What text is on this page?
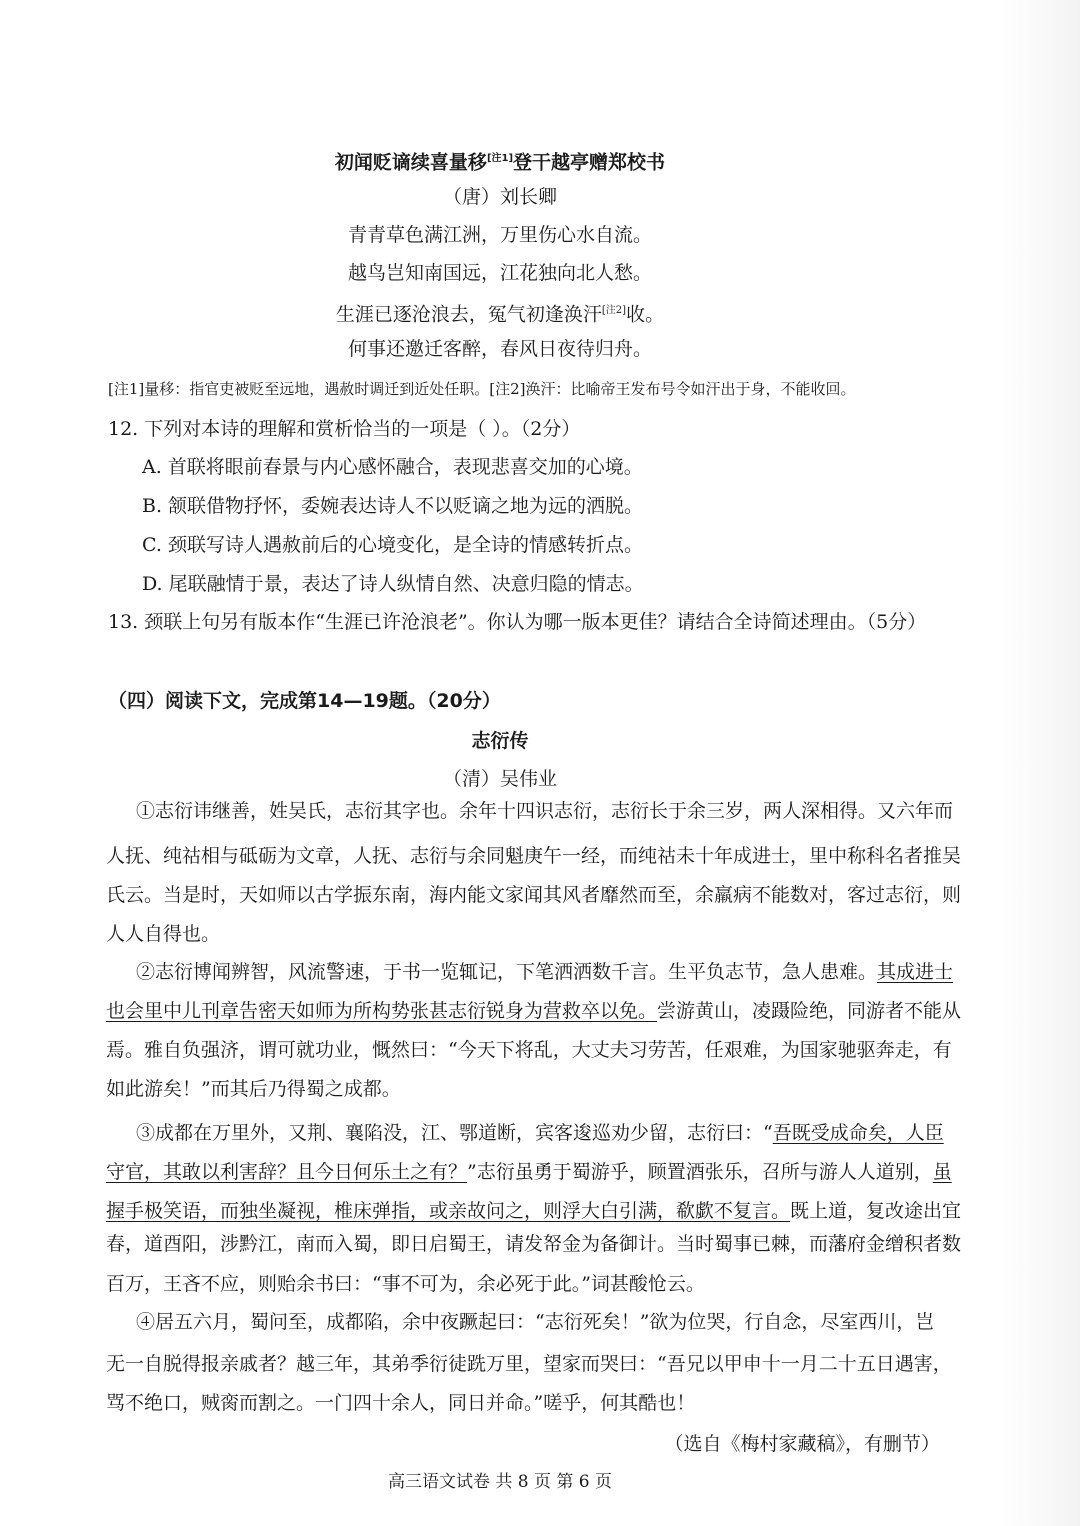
初闻贬谪续喜量移[注1]登干越亭赠郑校书
（唐）刘长卿
青青草色满江洲，万里伤心水自流。
越鸟岂知南国远，江花独向北人愁。
生涯已逐沧浪去，冤气初逢涣汗[注2]收。
何事还邀迁客醉，春风日夜待归舟。
[注1]量移：指官吏被贬至远地，遇赦时调迁到近处任职。[注2]涣汗：比喻帝王发布号令如汗出于身，不能收回。
12. 下列对本诗的理解和赏析恰当的一项是（ ）。（2分）
A. 首联将眼前春景与内心感怀融合，表现悲喜交加的心境。
B. 颔联借物抒怀，委婉表达诗人不以贬谪之地为远的洒脱。
C. 颈联写诗人遇赦前后的心境变化，是全诗的情感转折点。
D. 尾联融情于景，表达了诗人纵情自然、决意归隐的情志。
13. 颈联上句另有版本作“生涯已许沧浪老”。你认为哪一版本更佳？请结合全诗简述理由。（5分）
（四）阅读下文，完成第14—19题。（20分）
志衍传
（清）吴伟业
①志衍讳继善，姓吴氏，志衍其字也。余年十四识志衍，志衍长于余三岁，两人深相得。又六年而
人抚、纯祜相与砥砺为文章，人抚、志衍与余同魁庚午一经，而纯祜未十年成进士，里中称科名者推吴
氏云。当是时，天如师以古学振东南，海内能文家闻其风者靡然而至，余羸病不能数对，客过志衍，则
人人自得也。
②志衍博闻辨智，风流警速，于书一览辄记，下笔洒洒数千言。生平负志节，急人患难。其成进士
也会里中儿刊章告密天如师为所构势张甚志衍锐身为营救卒以免。尝游黄山，凌蹑险绝，同游者不能从
焉。雅自负强济，谓可就功业，慨然曰：“今天下将乱，大丈夫习劳苦，任艰难，为国家驰驱奔走，有
如此游矣！”而其后乃得蜀之成都。
③成都在万里外，又荆、襄陷没，江、鄂道断，宾客逡巡劝少留，志衍曰：“吾既受成命矣，人臣
守官，其敢以利害辞？且今日何乐土之有？”志衍虽勇于蜀游乎，顾置酒张乐，召所与游人人道别，虽
握手极笑语，而独坐凝视，椎床弹指，或亲故问之，则浮大白引满，欷歔不复言。既上道，复改途出宜
春，道酉阳，涉黔江，南而入蜀，即日启蜀王，请发帑金为备御计。当时蜀事已棘，而藩府金缯积者数
百万，王吝不应，则贻余书曰：“事不可为，余必死于此。”词甚酸怆云。
④居五六月，蜀问至，成都陷，余中夜蹶起曰：“志衍死矣！”欲为位哭，行自念，尽室西川，岂
无一自脱得报亲戚者？越三年，其弟季衍徒跣万里，望家而哭曰：“吾兄以甲申十一月二十五日遇害，
骂不绝口，贼脔而割之。一门四十余人，同日并命。”嗟乎，何其酷也！
（选自《梅村家藏稿》，有删节）
高三语文试卷 共 8 页 第 6 页
